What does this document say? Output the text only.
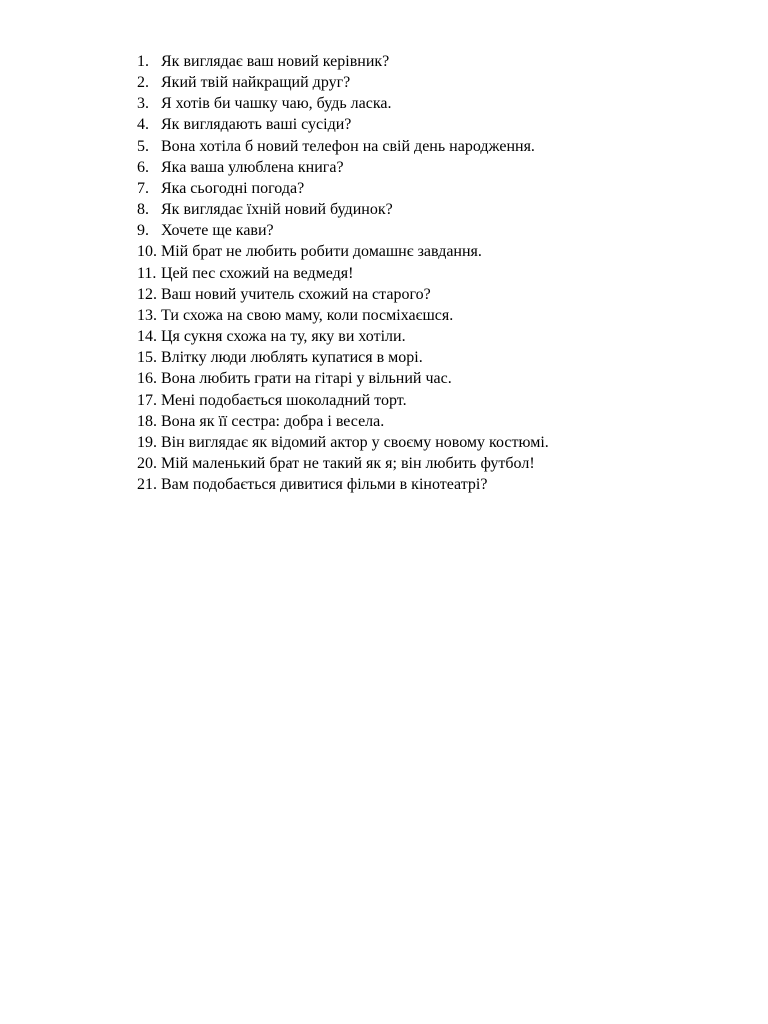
1. Як виглядає ваш новий керівник?
2. Який твій найкращий друг?
3. Я хотів би чашку чаю, будь ласка.
4. Як виглядають ваші сусіди?
5. Вона хотіла б новий телефон на свій день народження.
6. Яка ваша улюблена книга?
7. Яка сьогодні погода?
8. Як виглядає їхній новий будинок?
9. Хочете ще кави?
10. Мій брат не любить робити домашнє завдання.
11. Цей пес схожий на ведмедя!
12. Ваш новий учитель схожий на старого?
13. Ти схожа на свою маму, коли посміхаєшся.
14. Ця сукня схожа на ту, яку ви хотіли.
15. Влітку люди люблять купатися в морі.
16. Вона любить грати на гітарі у вільний час.
17. Мені подобається шоколадний торт.
18. Вона як її сестра: добра і весела.
19. Він виглядає як відомий актор у своєму новому костюмі.
20. Мій маленький брат не такий як я; він любить футбол!
21. Вам подобається дивитися фільми в кінотеатрі?
